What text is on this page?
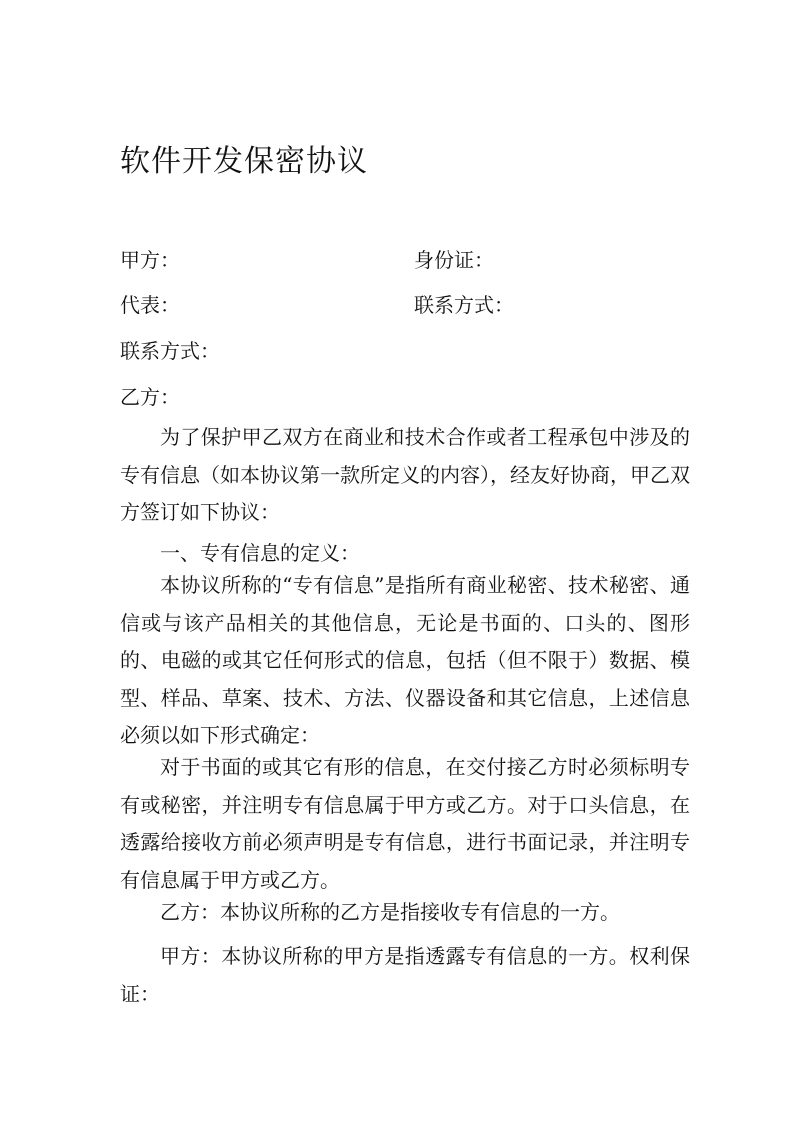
软件开发保密协议

甲方：	身份证：

代表：	联系方式：

联系方式：

乙方：

为了保护甲乙双方在商业和技术合作或者工程承包中涉及的专有信息（如本协议第一款所定义的内容），经友好协商，甲乙双方签订如下协议：

一、专有信息的定义：

本协议所称的“专有信息”是指所有商业秘密、技术秘密、通信或与该产品相关的其他信息，无论是书面的、口头的、图形的、电磁的或其它任何形式的信息，包括（但不限于）数据、模型、样品、草案、技术、方法、仪器设备和其它信息，上述信息必须以如下形式确定：

对于书面的或其它有形的信息，在交付接乙方时必须标明专有或秘密，并注明专有信息属于甲方或乙方。对于口头信息，在透露给接收方前必须声明是专有信息，进行书面记录，并注明专有信息属于甲方或乙方。

乙方：本协议所称的乙方是指接收专有信息的一方。

甲方：本协议所称的甲方是指透露专有信息的一方。权利保证：
